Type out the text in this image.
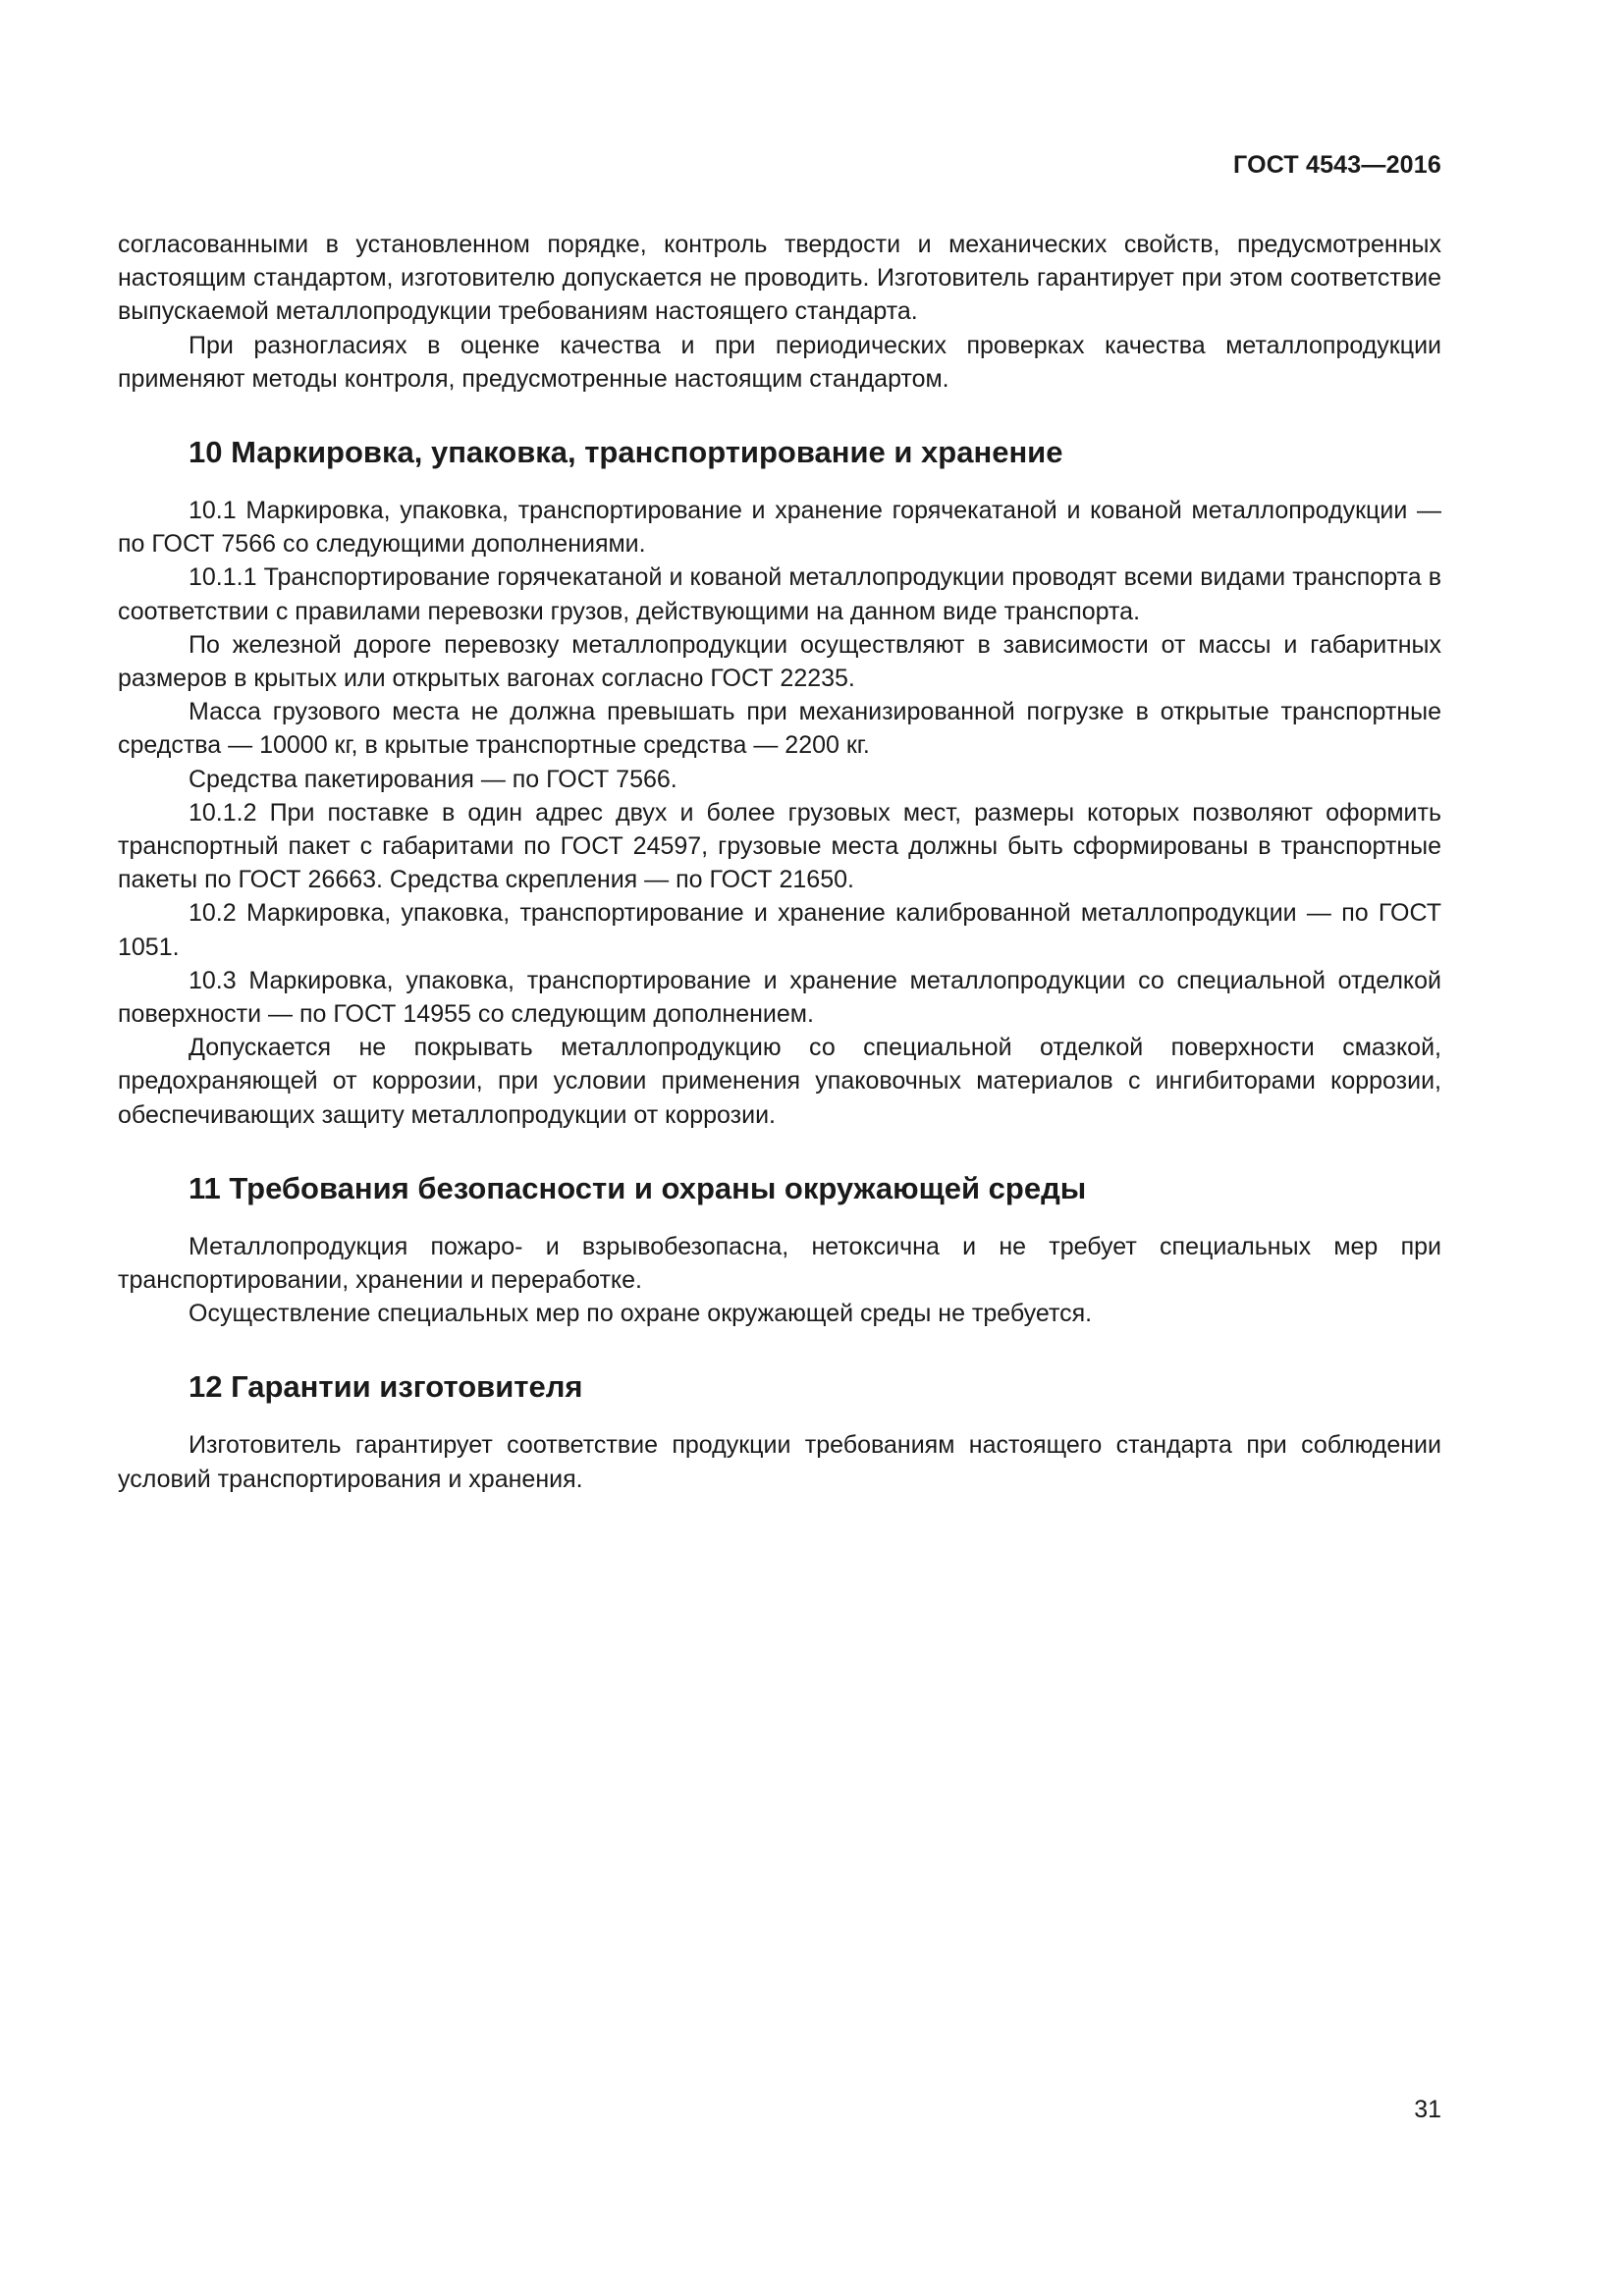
ГОСТ 4543—2016

согласованными в установленном порядке, контроль твердости и механических свойств, предусмотренных настоящим стандартом, изготовителю допускается не проводить. Изготовитель гарантирует при этом соответствие выпускаемой металлопродукции требованиям настоящего стандарта.

При разногласиях в оценке качества и при периодических проверках качества металлопродукции применяют методы контроля, предусмотренные настоящим стандартом.

10 Маркировка, упаковка, транспортирование и хранение

10.1 Маркировка, упаковка, транспортирование и хранение горячекатаной и кованой металлопродукции — по ГОСТ 7566 со следующими дополнениями.

10.1.1 Транспортирование горячекатаной и кованой металлопродукции проводят всеми видами транспорта в соответствии с правилами перевозки грузов, действующими на данном виде транспорта.

По железной дороге перевозку металлопродукции осуществляют в зависимости от массы и габаритных размеров в крытых или открытых вагонах согласно ГОСТ 22235.

Масса грузового места не должна превышать при механизированной погрузке в открытые транспортные средства — 10000 кг, в крытые транспортные средства — 2200 кг.

Средства пакетирования — по ГОСТ 7566.

10.1.2 При поставке в один адрес двух и более грузовых мест, размеры которых позволяют оформить транспортный пакет с габаритами по ГОСТ 24597, грузовые места должны быть сформированы в транспортные пакеты по ГОСТ 26663. Средства скрепления — по ГОСТ 21650.

10.2 Маркировка, упаковка, транспортирование и хранение калиброванной металлопродукции — по ГОСТ 1051.

10.3 Маркировка, упаковка, транспортирование и хранение металлопродукции со специальной отделкой поверхности — по ГОСТ 14955 со следующим дополнением.

Допускается не покрывать металлопродукцию со специальной отделкой поверхности смазкой, предохраняющей от коррозии, при условии применения упаковочных материалов с ингибиторами коррозии, обеспечивающих защиту металлопродукции от коррозии.

11 Требования безопасности и охраны окружающей среды

Металлопродукция пожаро- и взрывобезопасна, нетоксична и не требует специальных мер при транспортировании, хранении и переработке.

Осуществление специальных мер по охране окружающей среды не требуется.

12 Гарантии изготовителя

Изготовитель гарантирует соответствие продукции требованиям настоящего стандарта при соблюдении условий транспортирования и хранения.

31
